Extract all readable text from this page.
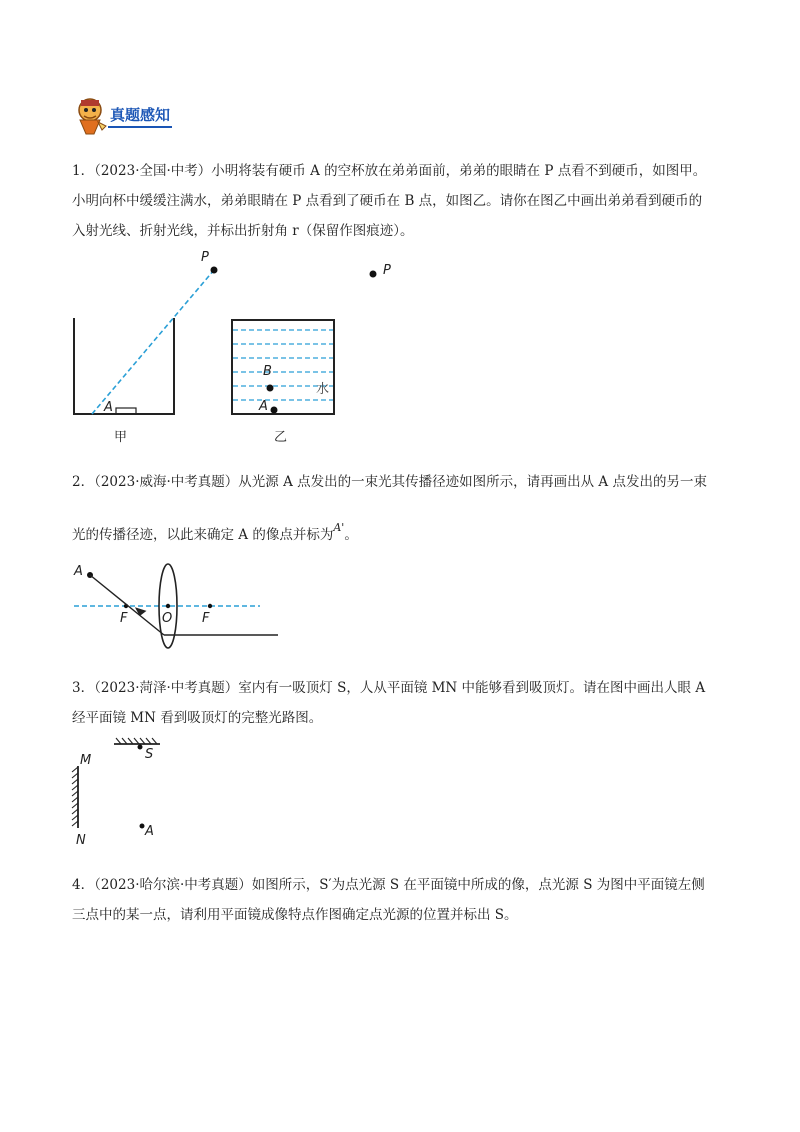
真题感知
1．（2023·全国·中考）小明将装有硬币 A 的空杯放在弟弟面前，弟弟的眼睛在 P 点看不到硬币，如图甲。
小明向杯中缓缓注满水，弟弟眼睛在 P 点看到了硬币在 B 点，如图乙。请你在图乙中画出弟弟看到硬币的
入射光线、折射光线，并标出折射角 r（保留作图痕迹）。
P
A
甲
P
B
A
水
乙
2．（2023·威海·中考真题）从光源 A 点发出的一束光其传播径迹如图所示，请再画出从 A 点发出的另一束
光的传播径迹，以此来确定 A 的像点并标为$^{A'}$。
A
F	O F
3．（2023·菏泽·中考真题）室内有一吸顶灯 S，人从平面镜 MN 中能够看到吸顶灯。请在图中画出人眼 A
经平面镜 MN 看到吸顶灯的完整光路图。
M
N
S
A
4．（2023·哈尔滨·中考真题）如图所示，S′为点光源 S 在平面镜中所成的像，点光源 S 为图中平面镜左侧
三点中的某一点，请利用平面镜成像特点作图确定点光源的位置并标出 S。
